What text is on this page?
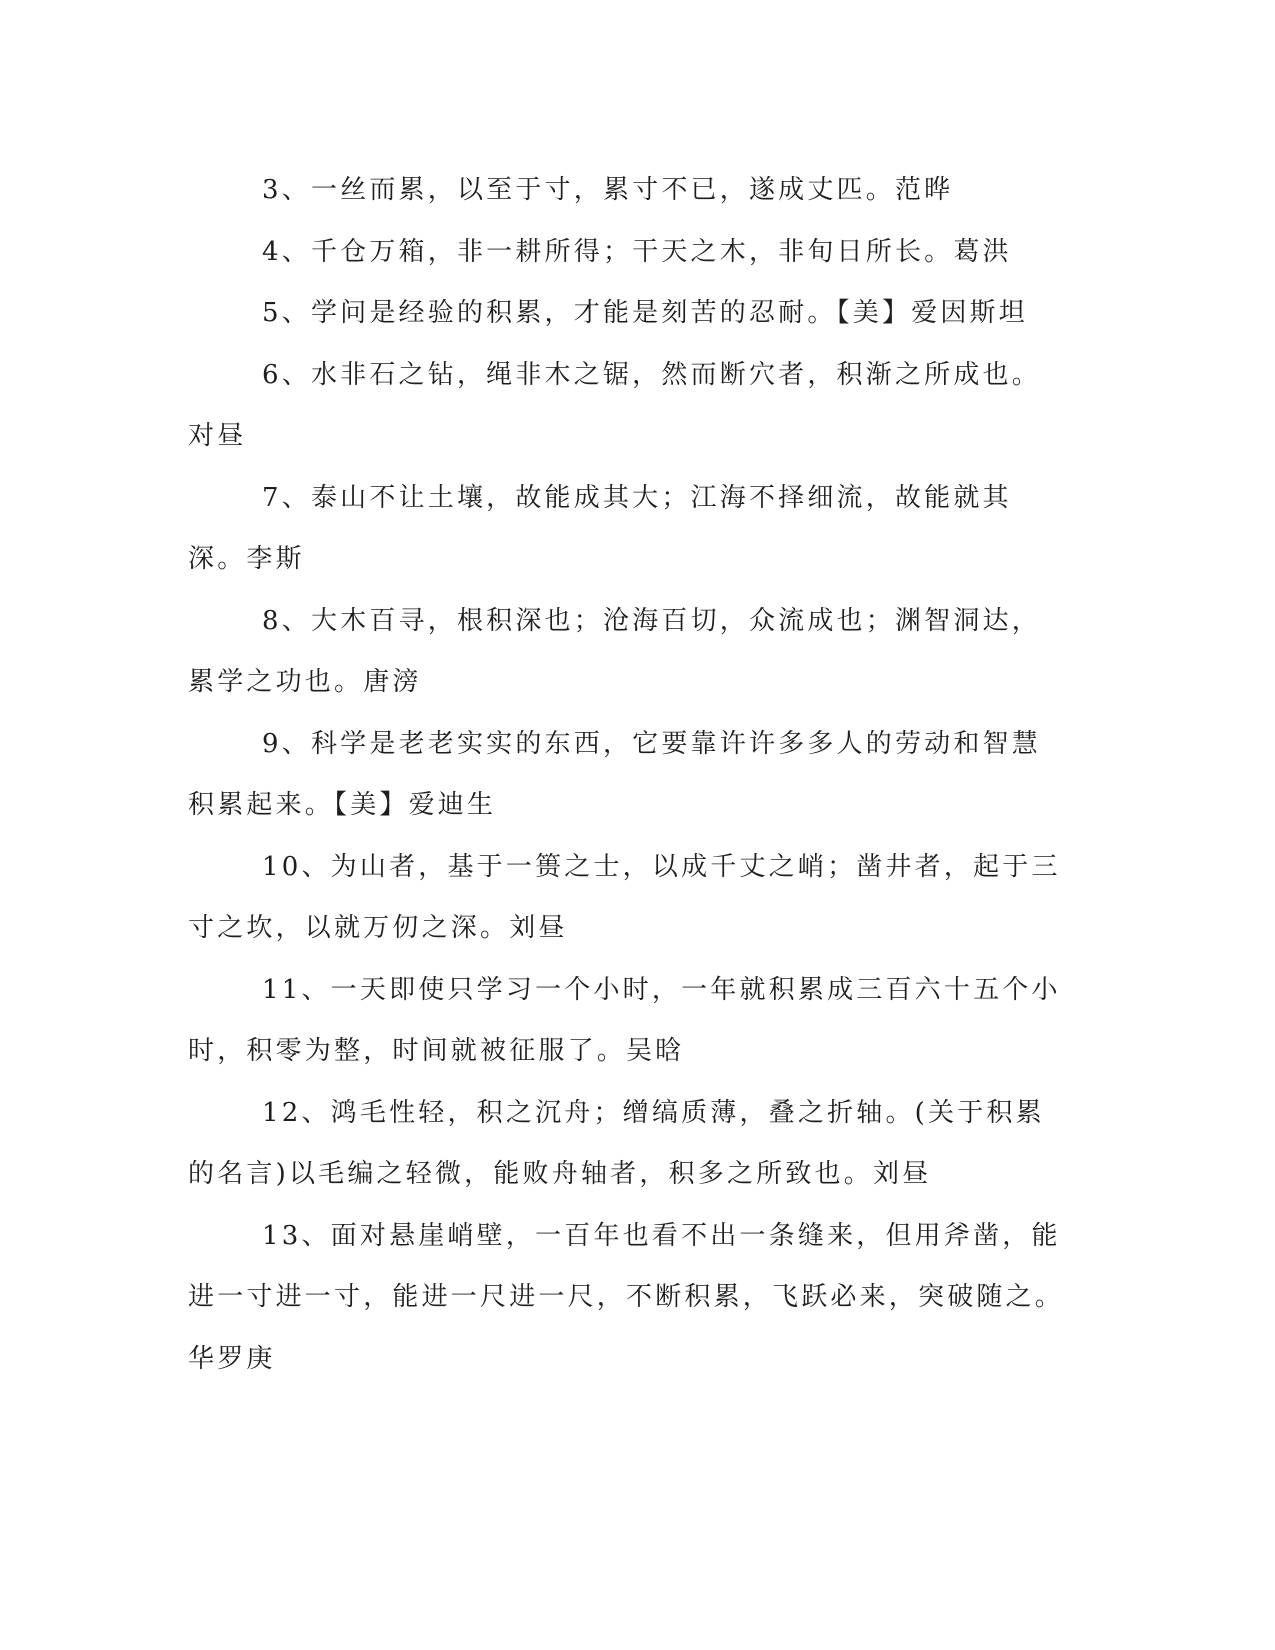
3、一丝而累，以至于寸，累寸不已，遂成丈匹。范晔

4、千仓万箱，非一耕所得；干天之木，非旬日所长。葛洪

5、学问是经验的积累，才能是刻苦的忍耐。【美】爱因斯坦

6、水非石之钻，绳非木之锯，然而断穴者，积渐之所成也。对昼

7、泰山不让土壤，故能成其大；江海不择细流，故能就其深。李斯

8、大木百寻，根积深也；沧海百切，众流成也；渊智洞达，累学之功也。唐滂

9、科学是老老实实的东西，它要靠许许多多人的劳动和智慧积累起来。【美】爱迪生

10、为山者，基于一篑之士，以成千丈之峭；凿井者，起于三寸之坎，以就万仞之深。刘昼

11、一天即使只学习一个小时，一年就积累成三百六十五个小时，积零为整，时间就被征服了。吴晗

12、鸿毛性轻，积之沉舟；缯缟质薄，叠之折轴。(关于积累的名言)以毛编之轻微，能败舟轴者，积多之所致也。刘昼

13、面对悬崖峭壁，一百年也看不出一条缝来，但用斧凿，能进一寸进一寸，能进一尺进一尺，不断积累，飞跃必来，突破随之。华罗庚
